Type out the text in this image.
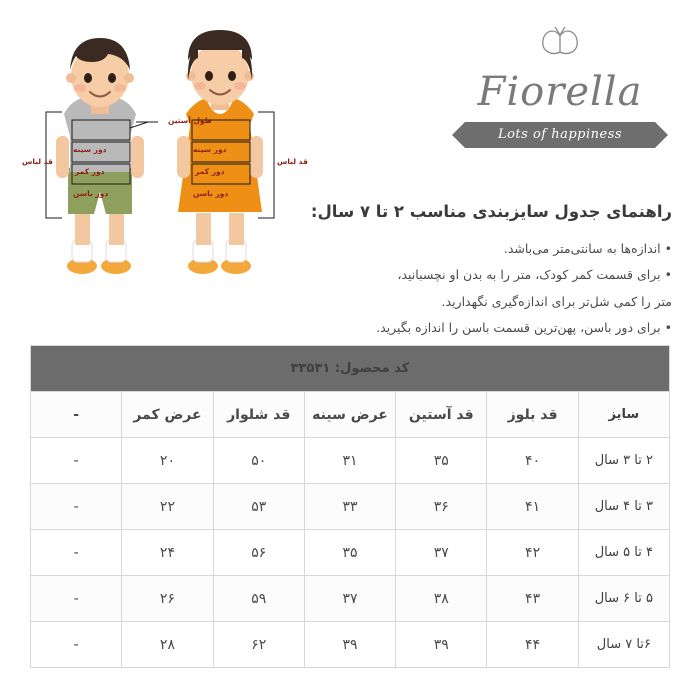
طول آستین
دور سینه
دور کمر
دور باسن
دور سینه
دور کمر
دور باسن
قد لباس	قد لباس
Fiorella
Lots of happiness
راهنمای جدول سایزبندی مناسب ۲ تا ۷ سال:
• اندازه‌ها به سانتی‌متر می‌باشد.
• برای قسمت کمر کودک، متر را به بدن او نچسبانید،
متر را کمی شل‌تر برای اندازه‌گیری نگهدارید.
• برای دور باسن، پهن‌ترین قسمت باسن را اندازه بگیرید.
کد محصول: ۳۳۵۳۱						
سایز	قد بلوز	قد آستین	عرض سینه	قد شلوار	عرض کمر	-
۲ تا ۳ سال	۴۰	۳۵	۳۱	۵۰	۲۰	-
۳ تا ۴ سال	۴۱	۳۶	۳۳	۵۳	۲۲	-
۴ تا ۵ سال	۴۲	۳۷	۳۵	۵۶	۲۴	-
۵ تا ۶ سال	۴۳	۳۸	۳۷	۵۹	۲۶	-
۶تا ۷ سال	۴۴	۳۹	۳۹	۶۲	۲۸	-
